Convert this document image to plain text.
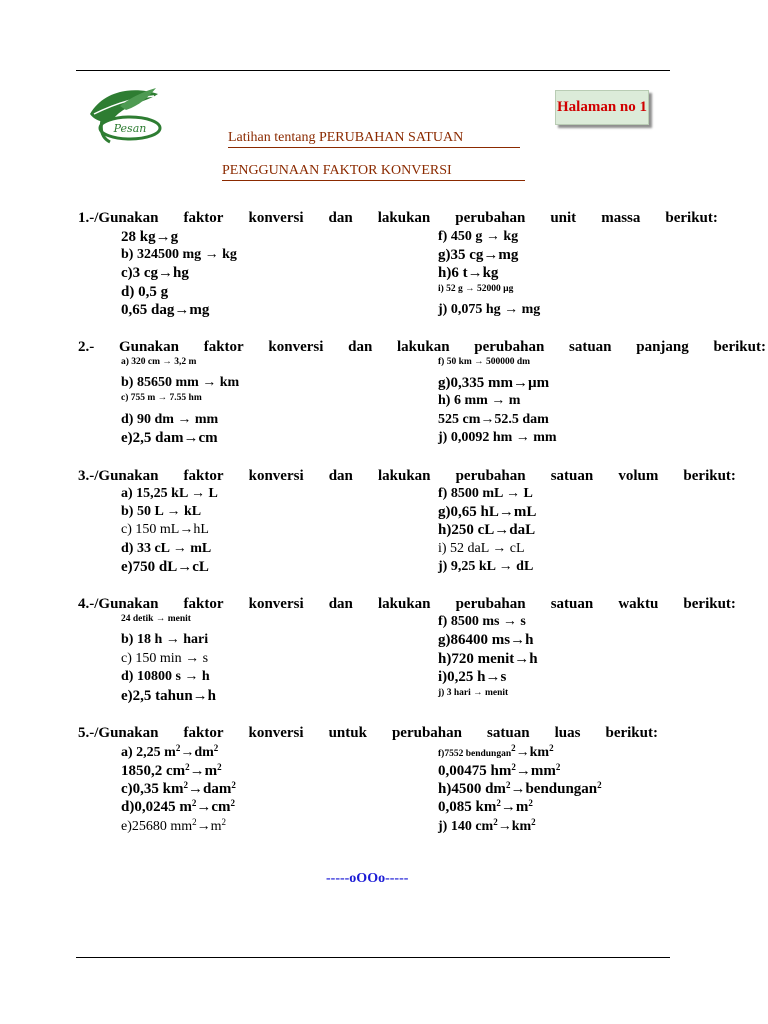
Pesan
Halaman no 1
Latihan tentang PERUBAHAN SATUAN
PENGGUNAAN FAKTOR KONVERSI
1.-/Gunakan faktor konversi dan lakukan perubahan unit massa berikut:
28 kg→g
b) 324500 mg → kg
c)3 cg→hg
d) 0,5 g
0,65 dag→mg
f) 450 g → kg
g)35 cg→mg
h)6 t→kg
i) 52 g → 52000 µg
j) 0,075 hg → mg
2.- Gunakan faktor konversi dan lakukan perubahan satuan panjang berikut:
a) 320 cm → 3,2 m
b) 85650 mm → km
c) 755 m → 7.55 hm
d) 90 dm → mm
e)2,5 dam→cm
f) 50 km → 500000 dm
g)0,335 mm→µm
h) 6 mm → m
525 cm→52.5 dam
j) 0,0092 hm → mm
3.-/Gunakan faktor konversi dan lakukan perubahan satuan volum berikut:
a) 15,25 kL → L
b) 50 L → kL
c) 150 mL→hL
d) 33 cL → mL
e)750 dL→cL
f) 8500 mL → L
g)0,65 hL→mL
h)250 cL→daL
i) 52 daL → cL
j) 9,25 kL → dL
4.-/Gunakan faktor konversi dan lakukan perubahan satuan waktu berikut:
24 detik → menit
b) 18 h → hari
c) 150 min → s
d) 10800 s → h
e)2,5 tahun→h
f) 8500 ms → s
g)86400 ms→h
h)720 menit→h
i)0,25 h→s
j) 3 hari → menit
5.-/Gunakan faktor konversi untuk perubahan satuan luas berikut:
a) 2,25 $m^2\to dm^2$
1850,2 $cm^2\to m^2$
c)0,35 $km^2\to dam^2$
d)0,0245 $m^2\to cm^2$
e)25680 $mm^2\to m^2$
f)7552 $bendungan^2\to km^2$
0,00475 $hm^2\to mm^2$
h)4500 $dm^2\to bendungan^2$
0,085 $km^2\to m^2$
j) 140 $cm^2\to km^2$
-----oOOo-----
